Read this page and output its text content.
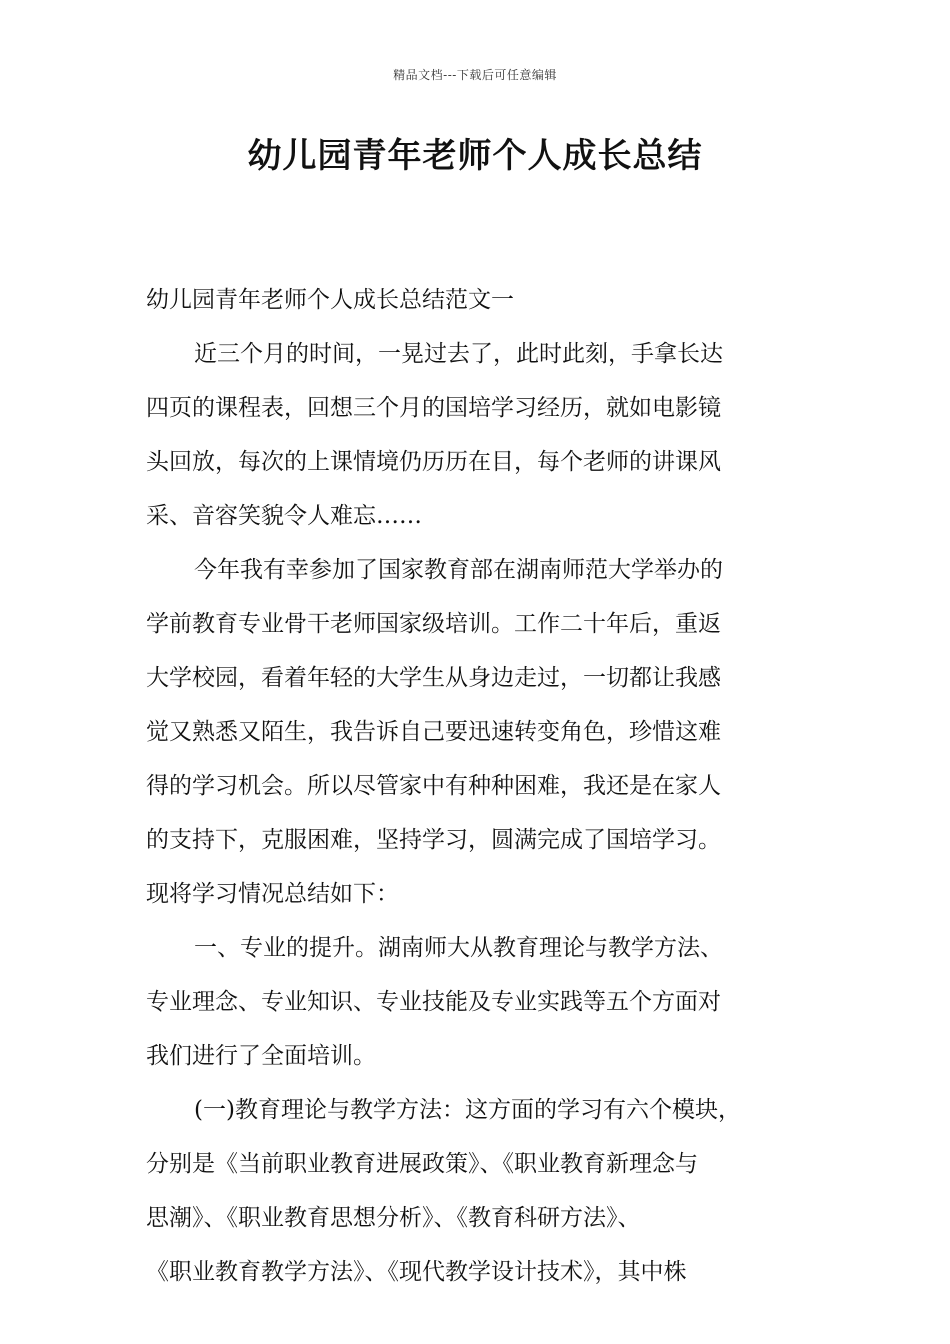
精品文档---下载后可任意编辑
幼儿园青年老师个人成长总结
幼儿园青年老师个人成长总结范文一
近三个月的时间，一晃过去了，此时此刻，手拿长达
四页的课程表，回想三个月的国培学习经历，就如电影镜
头回放，每次的上课情境仍历历在目，每个老师的讲课风
采、音容笑貌令人难忘……
今年我有幸参加了国家教育部在湖南师范大学举办的
学前教育专业骨干老师国家级培训。工作二十年后，重返
大学校园，看着年轻的大学生从身边走过，一切都让我感
觉又熟悉又陌生，我告诉自己要迅速转变角色，珍惜这难
得的学习机会。所以尽管家中有种种困难，我还是在家人
的支持下，克服困难，坚持学习，圆满完成了国培学习。
现将学习情况总结如下：
一、专业的提升。湖南师大从教育理论与教学方法、
专业理念、专业知识、专业技能及专业实践等五个方面对
我们进行了全面培训。
(一)教育理论与教学方法：这方面的学习有六个模块，
分别是《当前职业教育进展政策》、《职业教育新理念与
思潮》、《职业教育思想分析》、《教育科研方法》、
《职业教育教学方法》、《现代教学设计技术》，其中株
